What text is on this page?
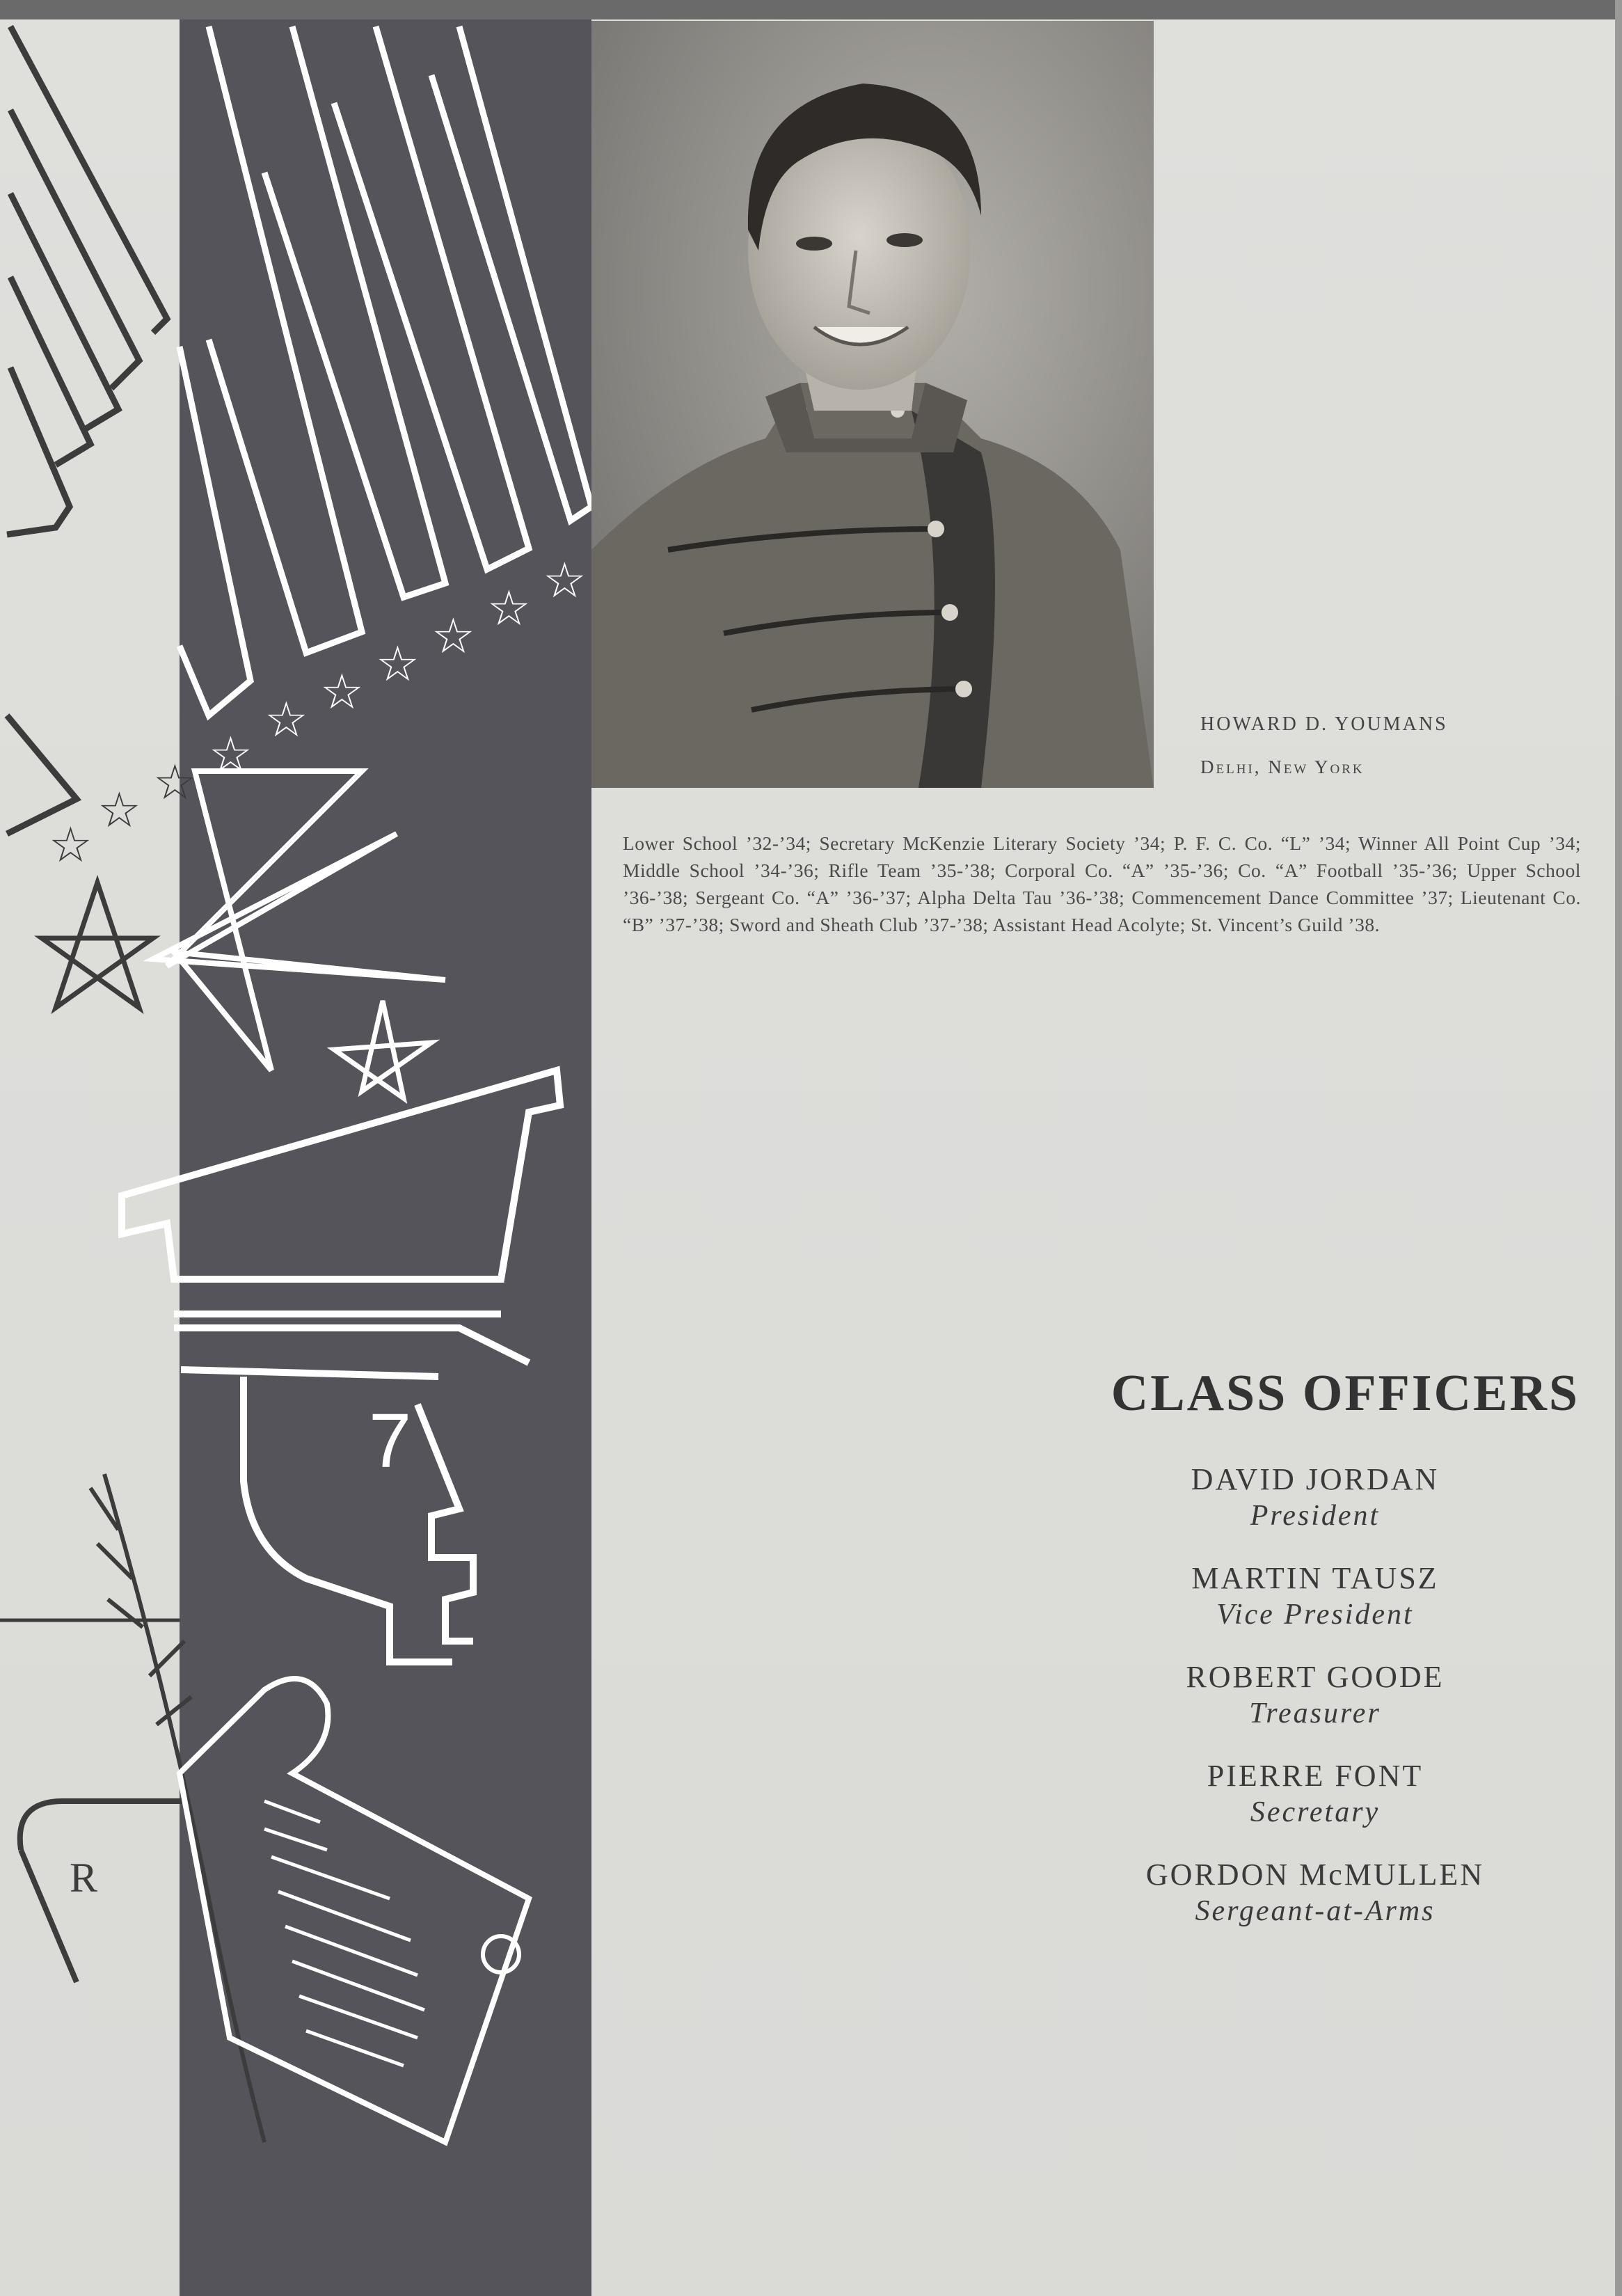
☆
☆ ☆ ☆
☆ ☆ ☆ ☆ ☆ ☆
7
R
HOWARD D. YOUMANS
Delhi, New York
Lower School ’32-’34; Secretary McKenzie Literary Society ’34; P. F. C. Co. “L” ’34; Winner All Point Cup ’34; Middle School ’34-’36; Rifle Team ’35-’38; Corporal Co. “A” ’35-’36; Co. “A” Football ’35-’36; Upper School ’36-’38; Sergeant Co. “A” ’36-’37; Alpha Delta Tau ’36-’38; Commencement Dance Committee ’37; Lieutenant Co. “B” ’37-’38; Sword and Sheath Club ’37-’38; Assistant Head Acolyte; St. Vincent’s Guild ’38.
CLASS OFFICERS
DAVID JORDAN
President
MARTIN TAUSZ
Vice President
ROBERT GOODE
Treasurer
PIERRE FONT
Secretary
GORDON McMULLEN
Sergeant-at-Arms
